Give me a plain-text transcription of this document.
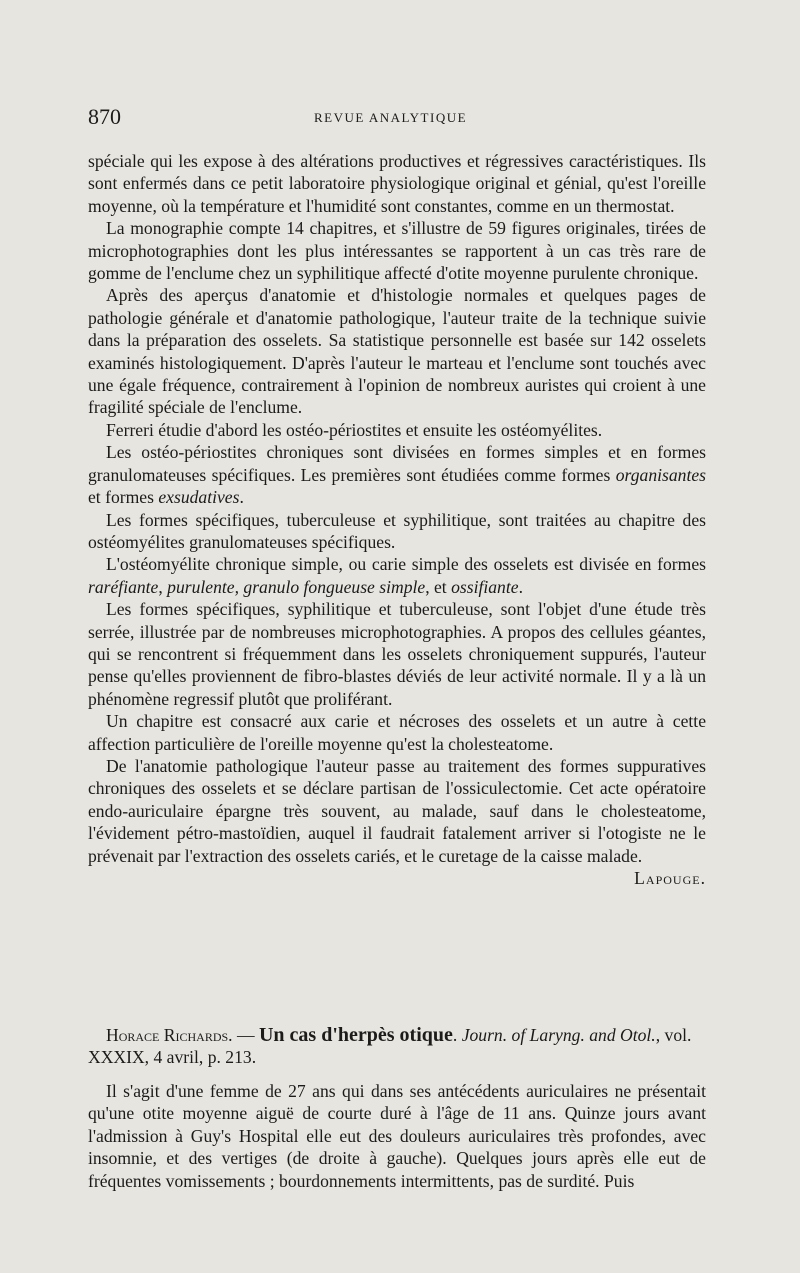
870	REVUE ANALYTIQUE

spéciale qui les expose à des altérations productives et régressives caractéristiques. Ils sont enfermés dans ce petit laboratoire physiologique original et génial, qu'est l'oreille moyenne, où la température et l'humidité sont constantes, comme en un thermostat.

La monographie compte 14 chapitres, et s'illustre de 59 figures originales, tirées de microphotographies dont les plus intéressantes se rapportent à un cas très rare de gomme de l'enclume chez un syphilitique affecté d'otite moyenne purulente chronique.

Après des aperçus d'anatomie et d'histologie normales et quelques pages de pathologie générale et d'anatomie pathologique, l'auteur traite de la technique suivie dans la préparation des osselets. Sa statistique personnelle est basée sur 142 osselets examinés histologiquement. D'après l'auteur le marteau et l'enclume sont touchés avec une égale fréquence, contrairement à l'opinion de nombreux auristes qui croient à une fragilité spéciale de l'enclume.

Ferreri étudie d'abord les ostéo-périostites et ensuite les ostéomyélites.

Les ostéo-périostites chroniques sont divisées en formes simples et en formes granulomateuses spécifiques. Les premières sont étudiées comme formes organisantes et formes exsudatives.

Les formes spécifiques, tuberculeuse et syphilitique, sont traitées au chapitre des ostéomyélites granulomateuses spécifiques.

L'ostéomyélite chronique simple, ou carie simple des osselets est divisée en formes raréfiante, purulente, granulo fongueuse simple, et ossifiante.

Les formes spécifiques, syphilitique et tuberculeuse, sont l'objet d'une étude très serrée, illustrée par de nombreuses microphotographies. A propos des cellules géantes, qui se rencontrent si fréquemment dans les osselets chroniquement suppurés, l'auteur pense qu'elles proviennent de fibro-blastes déviés de leur activité normale. Il y a là un phénomène regressif plutôt que proliférant.

Un chapitre est consacré aux carie et nécroses des osselets et un autre à cette affection particulière de l'oreille moyenne qu'est la cholesteatome.

De l'anatomie pathologique l'auteur passe au traitement des formes suppuratives chroniques des osselets et se déclare partisan de l'ossiculectomie. Cet acte opératoire endo-auriculaire épargne très souvent, au malade, sauf dans le cholesteatome, l'évidement pétro-mastoïdien, auquel il faudrait fatalement arriver si l'otogiste ne le prévenait par l'extraction des osselets cariés, et le curetage de la caisse malade.

Lapouge.

Horace Richards. — Un cas d'herpès otique. Journ. of Laryng. and Otol., vol. XXXIX, 4 avril, p. 213.

Il s'agit d'une femme de 27 ans qui dans ses antécédents auriculaires ne présentait qu'une otite moyenne aiguë de courte duré à l'âge de 11 ans. Quinze jours avant l'admission à Guy's Hospital elle eut des douleurs auriculaires très profondes, avec insomnie, et des vertiges (de droite à gauche). Quelques jours après elle eut de fréquentes vomissements ; bourdonnements intermittents, pas de surdité. Puis
